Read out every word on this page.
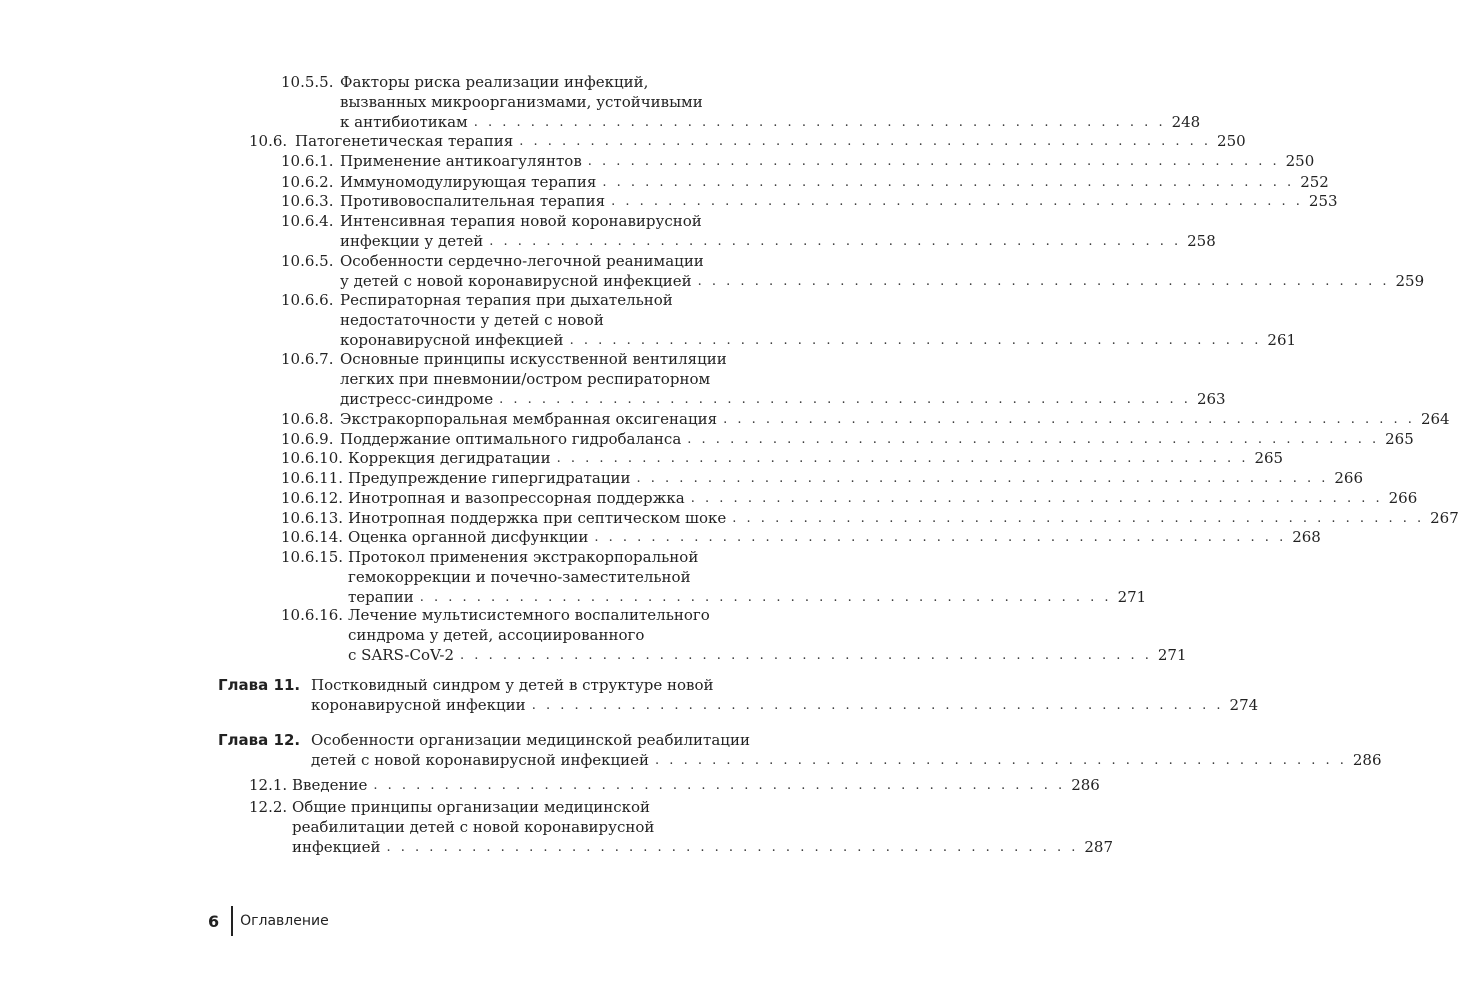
10.5.5. Факторы риска реализации инфекций,
вызванных микроорганизмами, устойчивыми
к антибиотикам . . . . . . . . . . . . . . . . . . . . . . . . . . . . . . . . . . . . . . . . . . . . . . . . . 248
10.6. Патогенетическая терапия . . . . . . . . . . . . . . . . . . . . . . . . . . . . . . . . . . . . . . . . . . . . . . . . . 250
10.6.1. Применение антикоагулянтов . . . . . . . . . . . . . . . . . . . . . . . . . . . . . . . . . . . . . . . . . . . . . . . . . 250
10.6.2. Иммуномодулирующая терапия . . . . . . . . . . . . . . . . . . . . . . . . . . . . . . . . . . . . . . . . . . . . . . . . . 252
10.6.3. Противовоспалительная терапия . . . . . . . . . . . . . . . . . . . . . . . . . . . . . . . . . . . . . . . . . . . . . . . . . 253
10.6.4. Интенсивная терапия новой коронавирусной
инфекции у детей . . . . . . . . . . . . . . . . . . . . . . . . . . . . . . . . . . . . . . . . . . . . . . . . . 258
10.6.5. Особенности сердечно-легочной реанимации
у детей с новой коронавирусной инфекцией . . . . . . . . . . . . . . . . . . . . . . . . . . . . . . . . . . . . . . . . . . . . . . . . . 259
10.6.6. Респираторная терапия при дыхательной
недостаточности у детей с новой
коронавирусной инфекцией . . . . . . . . . . . . . . . . . . . . . . . . . . . . . . . . . . . . . . . . . . . . . . . . . 261
10.6.7. Основные принципы искусственной вентиляции
легких при пневмонии/остром респираторном
дистресс-синдроме . . . . . . . . . . . . . . . . . . . . . . . . . . . . . . . . . . . . . . . . . . . . . . . . . 263
10.6.8. Экстракорпоральная мембранная оксигенация . . . . . . . . . . . . . . . . . . . . . . . . . . . . . . . . . . . . . . . . . . . . . . . . . 264
10.6.9. Поддержание оптимального гидробаланса . . . . . . . . . . . . . . . . . . . . . . . . . . . . . . . . . . . . . . . . . . . . . . . . . 265
10.6.10. Коррекция дегидратации . . . . . . . . . . . . . . . . . . . . . . . . . . . . . . . . . . . . . . . . . . . . . . . . . 265
10.6.11. Предупреждение гипергидратации . . . . . . . . . . . . . . . . . . . . . . . . . . . . . . . . . . . . . . . . . . . . . . . . . 266
10.6.12. Инотропная и вазопрессорная поддержка . . . . . . . . . . . . . . . . . . . . . . . . . . . . . . . . . . . . . . . . . . . . . . . . . 266
10.6.13. Инотропная поддержка при септическом шоке . . . . . . . . . . . . . . . . . . . . . . . . . . . . . . . . . . . . . . . . . . . . . . . . . 267
10.6.14. Оценка органной дисфункции . . . . . . . . . . . . . . . . . . . . . . . . . . . . . . . . . . . . . . . . . . . . . . . . . 268
10.6.15. Протокол применения экстракорпоральной
гемокоррекции и почечно-заместительной
терапии . . . . . . . . . . . . . . . . . . . . . . . . . . . . . . . . . . . . . . . . . . . . . . . . . 271
10.6.16. Лечение мультисистемного воспалительного
синдрома у детей, ассоциированного
с SARS-CoV-2 . . . . . . . . . . . . . . . . . . . . . . . . . . . . . . . . . . . . . . . . . . . . . . . . . 271
Глава 11. Постковидный синдром у детей в структуре новой
коронавирусной инфекции . . . . . . . . . . . . . . . . . . . . . . . . . . . . . . . . . . . . . . . . . . . . . . . . . 274
Глава 12. Особенности организации медицинской реабилитации
детей с новой коронавирусной инфекцией . . . . . . . . . . . . . . . . . . . . . . . . . . . . . . . . . . . . . . . . . . . . . . . . . 286
12.1. Введение . . . . . . . . . . . . . . . . . . . . . . . . . . . . . . . . . . . . . . . . . . . . . . . . . 286
12.2. Общие принципы организации медицинской
реабилитации детей с новой коронавирусной
инфекцией . . . . . . . . . . . . . . . . . . . . . . . . . . . . . . . . . . . . . . . . . . . . . . . . . 287
6 Оглавление
